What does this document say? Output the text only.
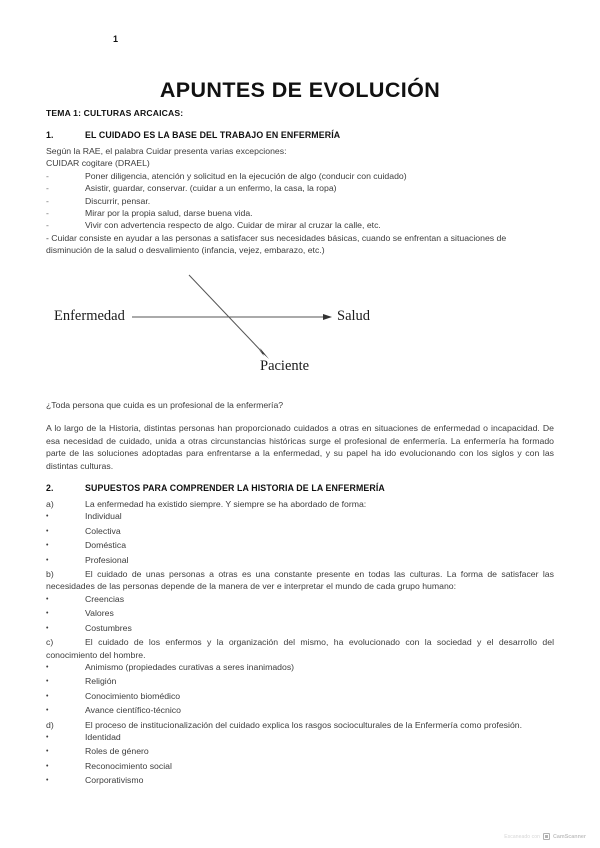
1
APUNTES DE EVOLUCIÓN
TEMA 1: CULTURAS ARCAICAS:
1.	EL CUIDADO ES LA BASE DEL TRABAJO EN ENFERMERÍA

Según la RAE, el palabra Cuidar presenta varias excepciones:

CUIDAR cogitare (DRAEL)

-	Poner diligencia, atención y solicitud en la ejecución de algo (conducir con cuidado)
-	Asistir, guardar, conservar. (cuidar a un enfermo, la casa, la ropa)
-	Discurrir, pensar.
-	Mirar por la propia salud, darse buena vida.
-	Vivir con advertencia respecto de algo. Cuidar de mirar al cruzar la calle, etc.

- Cuidar consiste en ayudar a las personas a satisfacer sus necesidades básicas, cuando se enfrentan a situaciones de disminución de la salud o desvalimiento (infancia, vejez, embarazo, etc.)

Enfermedad	Salud
Paciente

¿Toda persona que cuida es un profesional de la enfermería?

A lo largo de la Historia, distintas personas han proporcionado cuidados a otras en situaciones de enfermedad o incapacidad. De esa necesidad de cuidado, unida a otras circunstancias históricas surge el profesional de enfermería. La enfermería ha formado parte de las soluciones adoptadas para enfrentarse a la enfermedad, y su papel ha ido evolucionando con los siglos y con las distintas culturas.

2.	SUPUESTOS PARA COMPRENDER LA HISTORIA DE LA ENFERMERÍA

a)	La enfermedad ha existido siempre. Y siempre se ha abordado de forma:

•	Individual
•	Colectiva
•	Doméstica
•	Profesional

b)	El cuidado de unas personas a otras es una constante presente en todas las culturas. La forma de satisfacer las necesidades de las personas depende de la manera de ver e interpretar el mundo de cada grupo humano:

•	Creencias
•	Valores
•	Costumbres

c)	El cuidado de los enfermos y la organización del mismo, ha evolucionado con la sociedad y el desarrollo del conocimiento del hombre.

•	Animismo (propiedades curativas a seres inanimados)
•	Religión
•	Conocimiento biomédico
•	Avance científico-técnico

d)	El proceso de institucionalización del cuidado explica los rasgos socioculturales de la Enfermería como profesión.

•	Identidad
•	Roles de género
•	Reconocimiento social
•	Corporativismo
Escaneado con CamScanner
